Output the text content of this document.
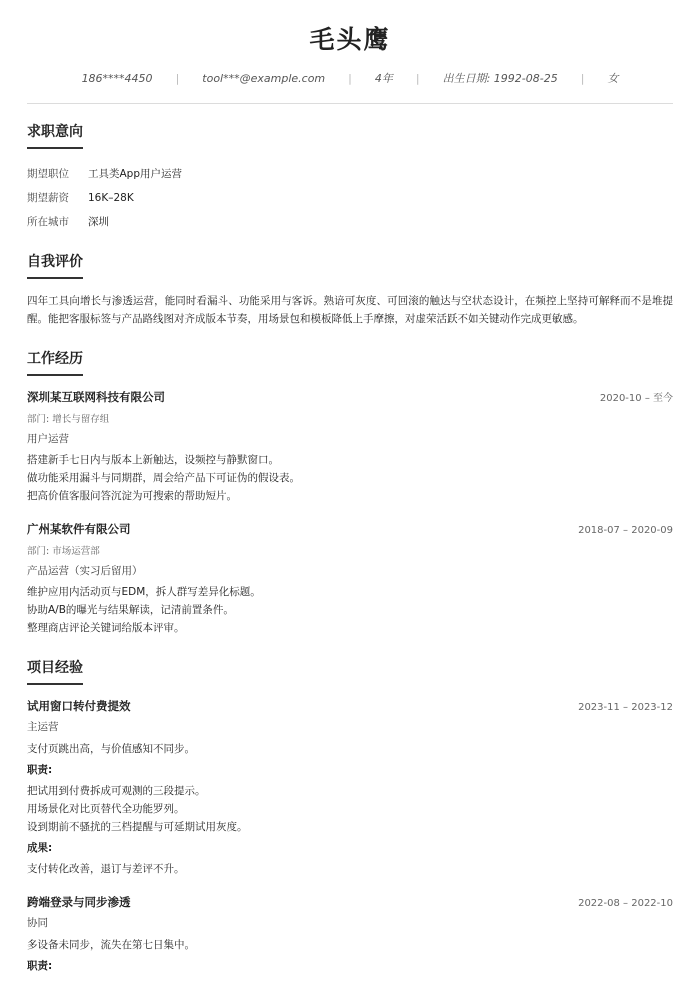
毛头鹰
186****4450	|	tool***@example.com	|	4年	|	出生日期: 1992-08-25	|	女
求职意向
期望职位	工具类App用户运营
期望薪资	16K–28K
所在城市	深圳
自我评价
四年工具向增长与渗透运营，能同时看漏斗、功能采用与客诉。熟谙可灰度、可回滚的触达与空状态设计，在频控上坚持可解释而不是堆提醒。能把客服标签与产品路线图对齐成版本节奏，用场景包和模板降低上手摩擦，对虚荣活跃不如关键动作完成更敏感。
工作经历
深圳某互联网科技有限公司	2020-10 – 至今
部门: 增长与留存组
用户运营
搭建新手七日内与版本上新触达，设频控与静默窗口。
做功能采用漏斗与同期群，周会给产品下可证伪的假设表。
把高价值客服问答沉淀为可搜索的帮助短片。
广州某软件有限公司	2018-07 – 2020-09
部门: 市场运营部
产品运营（实习后留用）
维护应用内活动页与EDM，拆人群写差异化标题。
协助A/B的曝光与结果解读，记清前置条件。
整理商店评论关键词给版本评审。
项目经验
试用窗口转付费提效	2023-11 – 2023-12
主运营
支付页跳出高，与价值感知不同步。
职责:
把试用到付费拆成可观测的三段提示。
用场景化对比页替代全功能罗列。
设到期前不骚扰的三档提醒与可延期试用灰度。
成果:
支付转化改善，退订与差评不升。
跨端登录与同步渗透	2022-08 – 2022-10
协同
多设备未同步，流失在第七日集中。
职责:
